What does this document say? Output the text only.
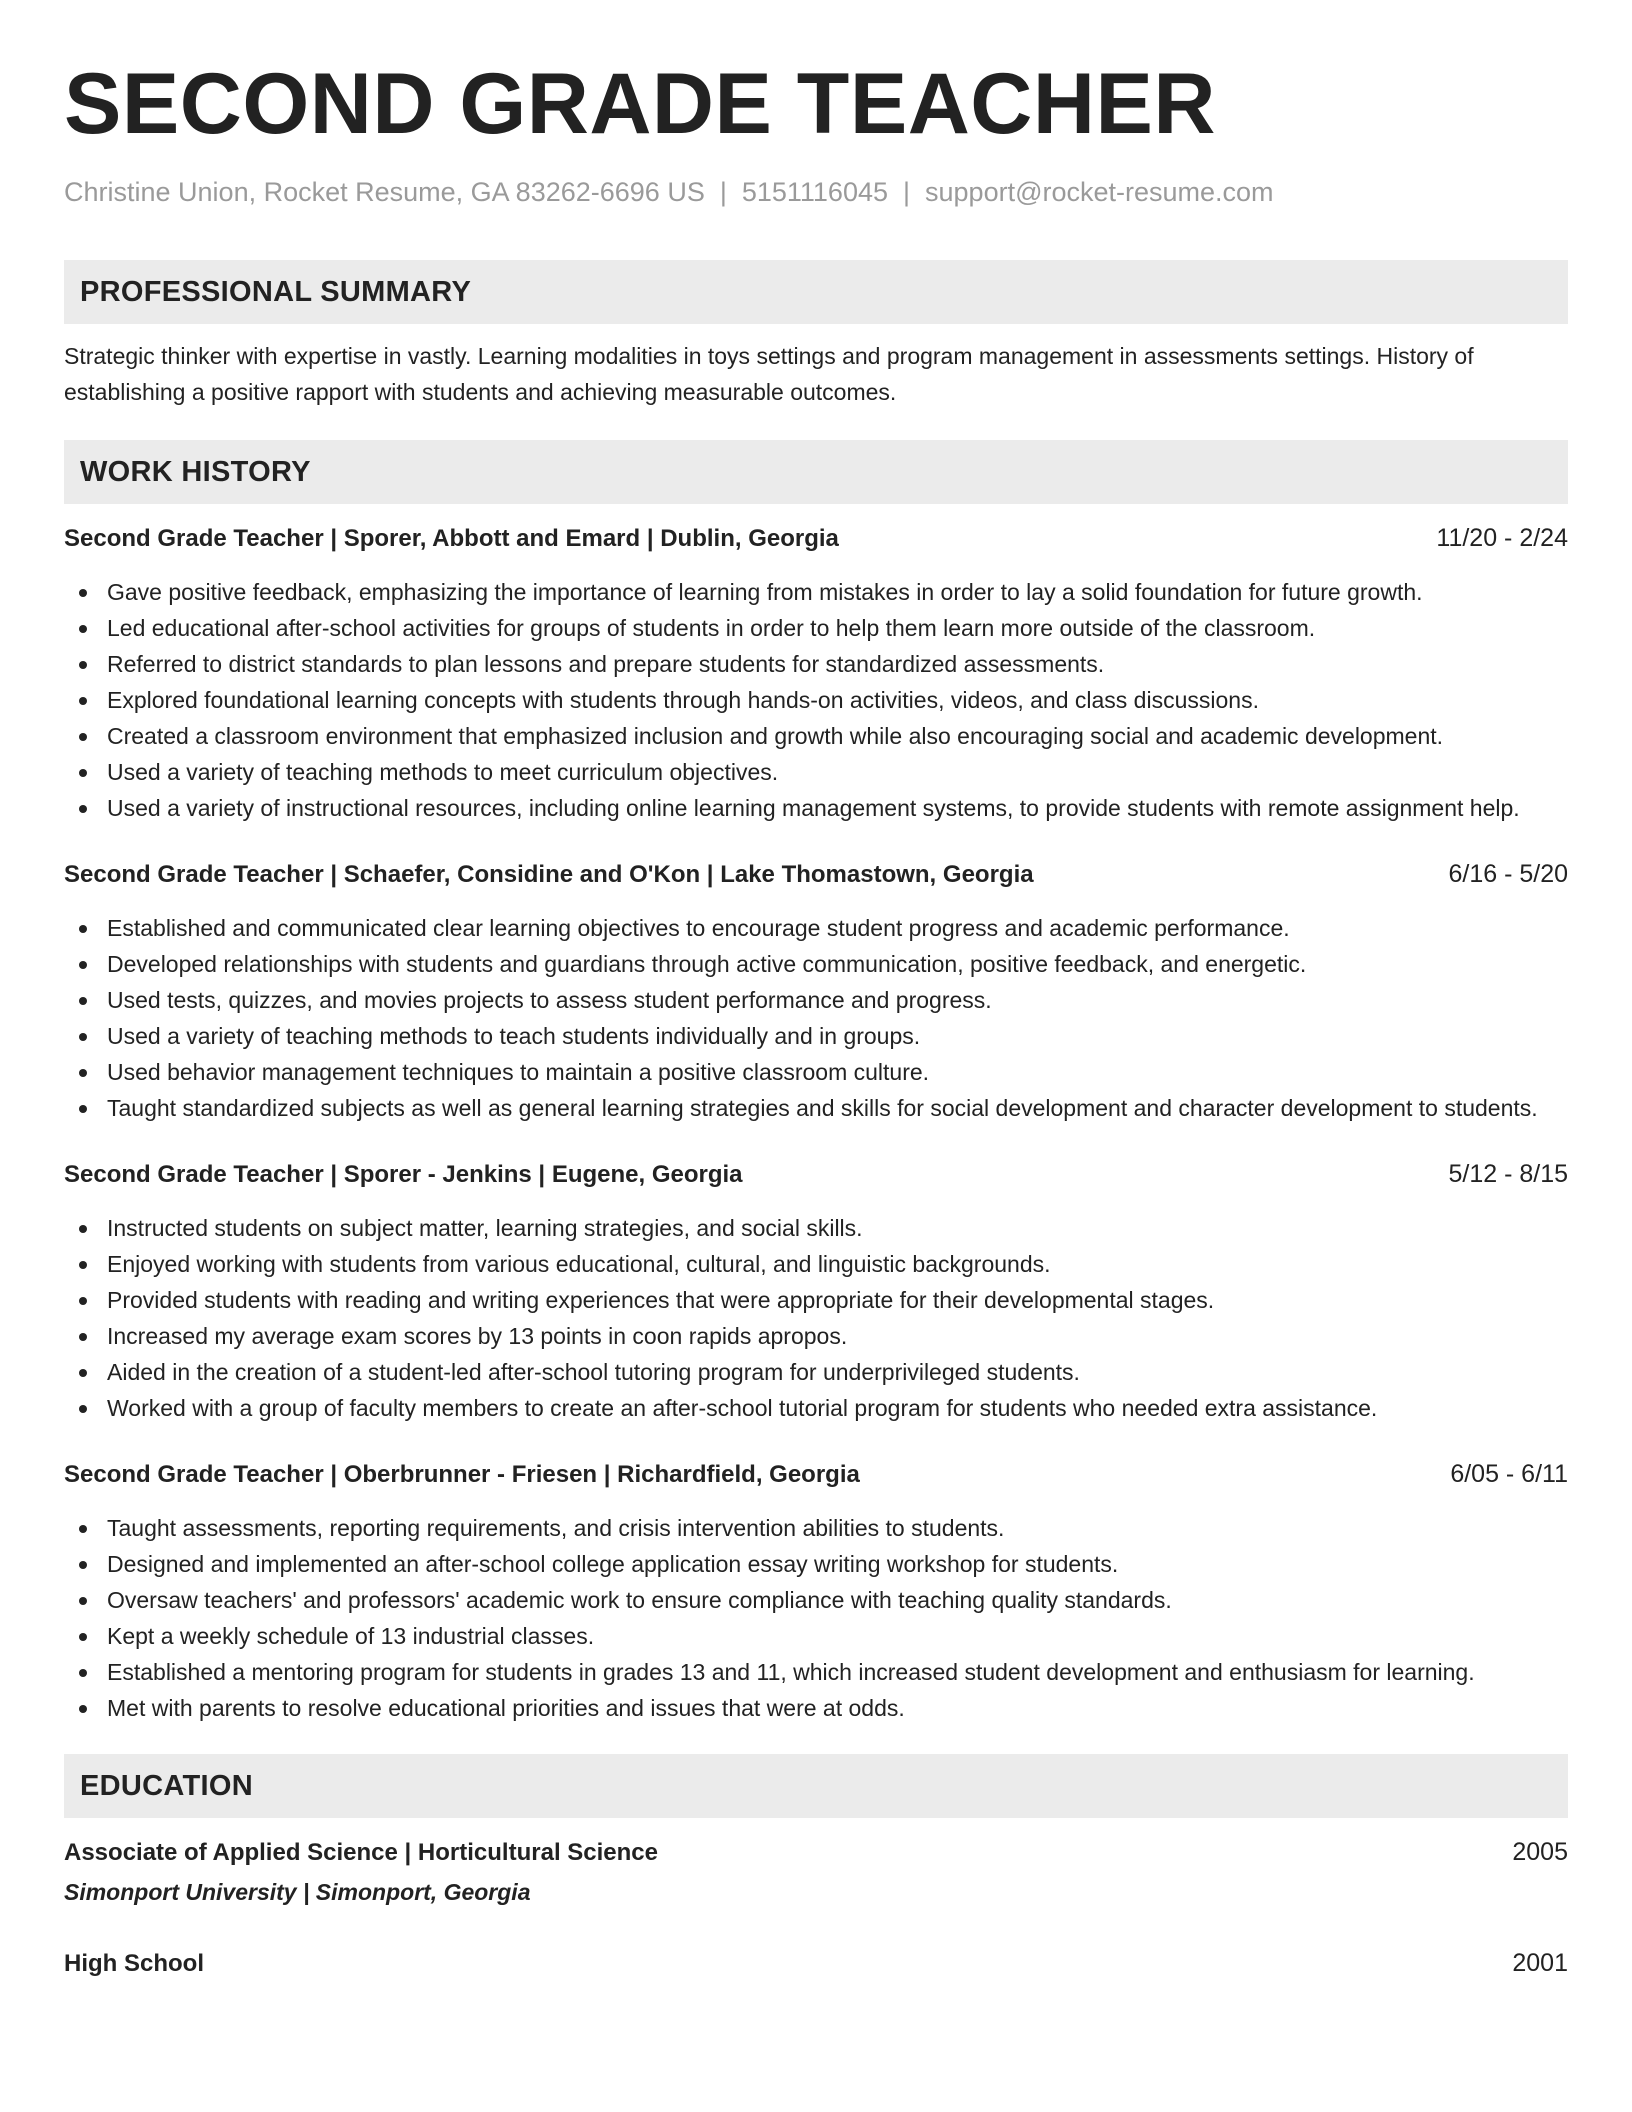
SECOND GRADE TEACHER
Christine Union, Rocket Resume, GA 83262-6696 US | 5151116045 | support@rocket-resume.com
PROFESSIONAL SUMMARY
Strategic thinker with expertise in vastly. Learning modalities in toys settings and program management in assessments settings. History of establishing a positive rapport with students and achieving measurable outcomes.
WORK HISTORY
Second Grade Teacher | Sporer, Abbott and Emard | Dublin, Georgia	11/20 - 2/24
Gave positive feedback, emphasizing the importance of learning from mistakes in order to lay a solid foundation for future growth.
Led educational after-school activities for groups of students in order to help them learn more outside of the classroom.
Referred to district standards to plan lessons and prepare students for standardized assessments.
Explored foundational learning concepts with students through hands-on activities, videos, and class discussions.
Created a classroom environment that emphasized inclusion and growth while also encouraging social and academic development.
Used a variety of teaching methods to meet curriculum objectives.
Used a variety of instructional resources, including online learning management systems, to provide students with remote assignment help.
Second Grade Teacher | Schaefer, Considine and O'Kon | Lake Thomastown, Georgia	6/16 - 5/20
Established and communicated clear learning objectives to encourage student progress and academic performance.
Developed relationships with students and guardians through active communication, positive feedback, and energetic.
Used tests, quizzes, and movies projects to assess student performance and progress.
Used a variety of teaching methods to teach students individually and in groups.
Used behavior management techniques to maintain a positive classroom culture.
Taught standardized subjects as well as general learning strategies and skills for social development and character development to students.
Second Grade Teacher | Sporer - Jenkins | Eugene, Georgia	5/12 - 8/15
Instructed students on subject matter, learning strategies, and social skills.
Enjoyed working with students from various educational, cultural, and linguistic backgrounds.
Provided students with reading and writing experiences that were appropriate for their developmental stages.
Increased my average exam scores by 13 points in coon rapids apropos.
Aided in the creation of a student-led after-school tutoring program for underprivileged students.
Worked with a group of faculty members to create an after-school tutorial program for students who needed extra assistance.
Second Grade Teacher | Oberbrunner - Friesen | Richardfield, Georgia	6/05 - 6/11
Taught assessments, reporting requirements, and crisis intervention abilities to students.
Designed and implemented an after-school college application essay writing workshop for students.
Oversaw teachers' and professors' academic work to ensure compliance with teaching quality standards.
Kept a weekly schedule of 13 industrial classes.
Established a mentoring program for students in grades 13 and 11, which increased student development and enthusiasm for learning.
Met with parents to resolve educational priorities and issues that were at odds.
EDUCATION
Associate of Applied Science | Horticultural Science	2005
Simonport University | Simonport, Georgia
High School	2001
